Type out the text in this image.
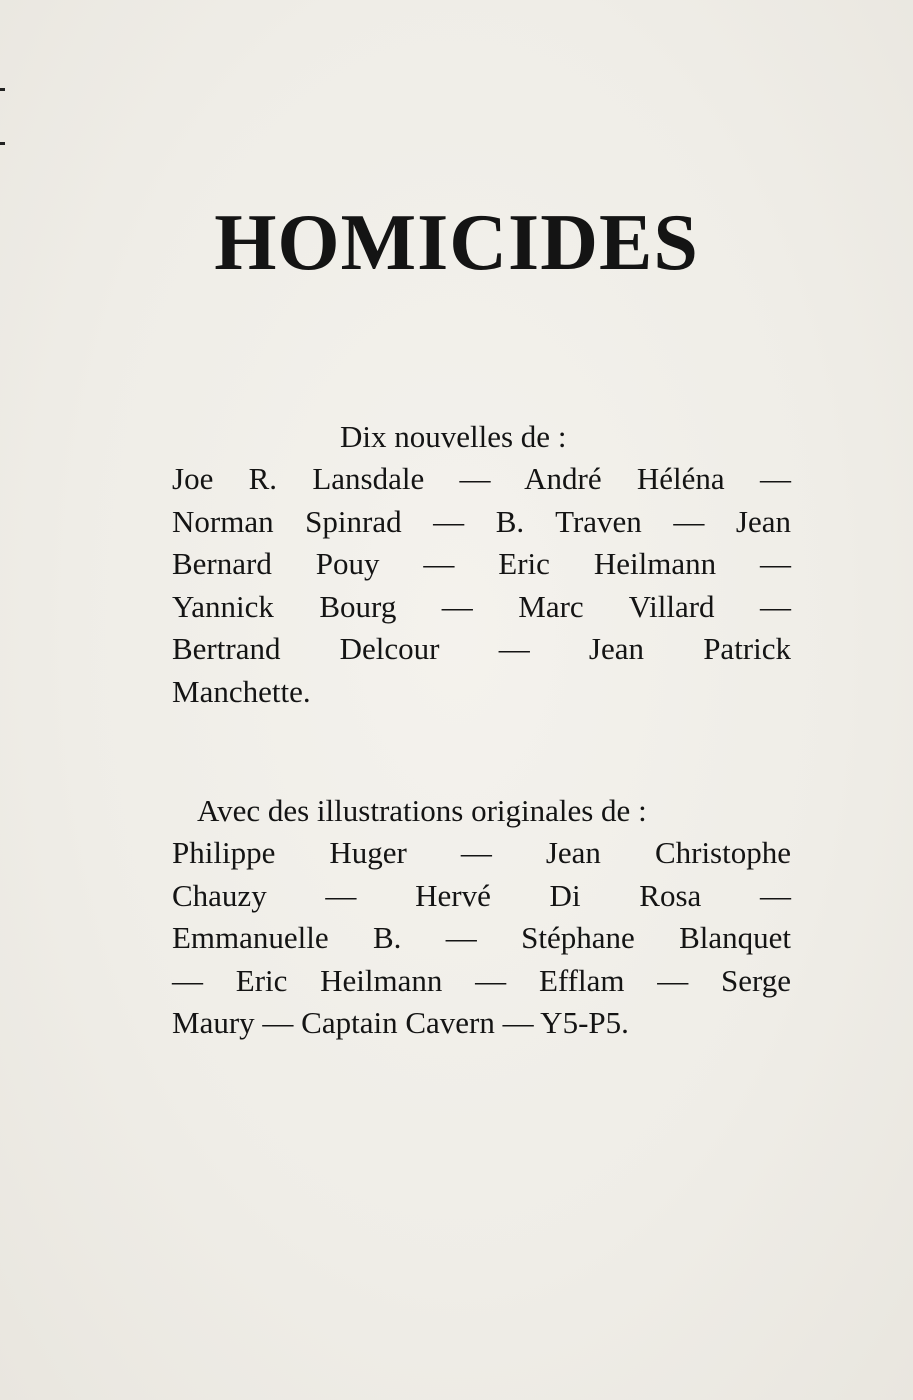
HOMICIDES

Dix nouvelles de :

Joe R. Lansdale — André Héléna —
Norman Spinrad — B. Traven — Jean
Bernard Pouy — Eric Heilmann —
Yannick Bourg — Marc Villard —
Bertrand Delcour — Jean Patrick
Manchette.

Avec des illustrations originales de :

Philippe Huger — Jean Christophe
Chauzy — Hervé Di Rosa —
Emmanuelle B. — Stéphane Blanquet
— Eric Heilmann — Efflam — Serge
Maury — Captain Cavern — Y5-P5.
